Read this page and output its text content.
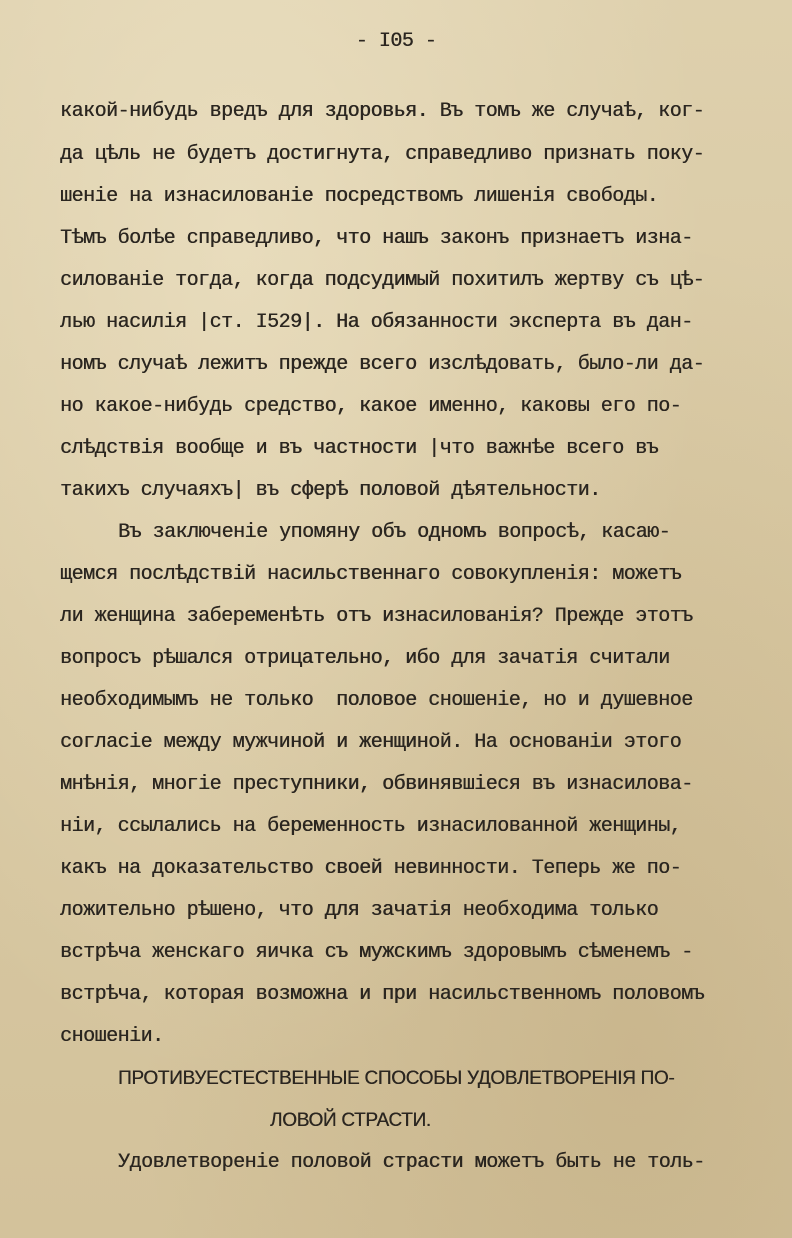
- I05 -
какой-нибудь вредъ для здоровья. Въ томъ же случаѣ, ког-
да цѣль не будетъ достигнута, справедливо признать поку-
шеніе на изнасилованіе посредствомъ лишенія свободы.
Тѣмъ болѣе справедливо, что нашъ законъ признаетъ изна-
силованіе тогда, когда подсудимый похитилъ жертву съ цѣ-
лью насилія |ст. I529|. На обязанности эксперта въ дан-
номъ случаѣ лежитъ прежде всего изслѣдовать, было-ли да-
но какое-нибудь средство, какое именно, каковы его по-
слѣдствія вообще и въ частности |что важнѣе всего въ
такихъ случаяхъ| въ сферѣ половой дѣятельности.
Въ заключеніе упомяну объ одномъ вопросѣ, касаю-
щемся послѣдствій насильственнаго совокупленія: можетъ
ли женщина забеременѣть отъ изнасилованія? Прежде этотъ
вопросъ рѣшался отрицательно, ибо для зачатія считали
необходимымъ не только  половое сношеніе, но и душевное
согласіе между мужчиной и женщиной. На основаніи этого
мнѣнія, многіе преступники, обвинявшіеся въ изнасилова-
ніи, ссылались на беременность изнасилованной женщины,
какъ на доказательство своей невинности. Теперь же по-
ложительно рѣшено, что для зачатія необходима только
встрѣча женскаго яичка съ мужскимъ здоровымъ сѣменемъ -
встрѣча, которая возможна и при насильственномъ половомъ
сношеніи.
ПРОТИВУЕСТЕСТВЕННЫЕ СПОСОБЫ УДОВЛЕТВОРЕНІЯ ПО-
ЛОВОЙ СТРАСТИ.
Удовлетвореніе половой страсти можетъ быть не толь-
